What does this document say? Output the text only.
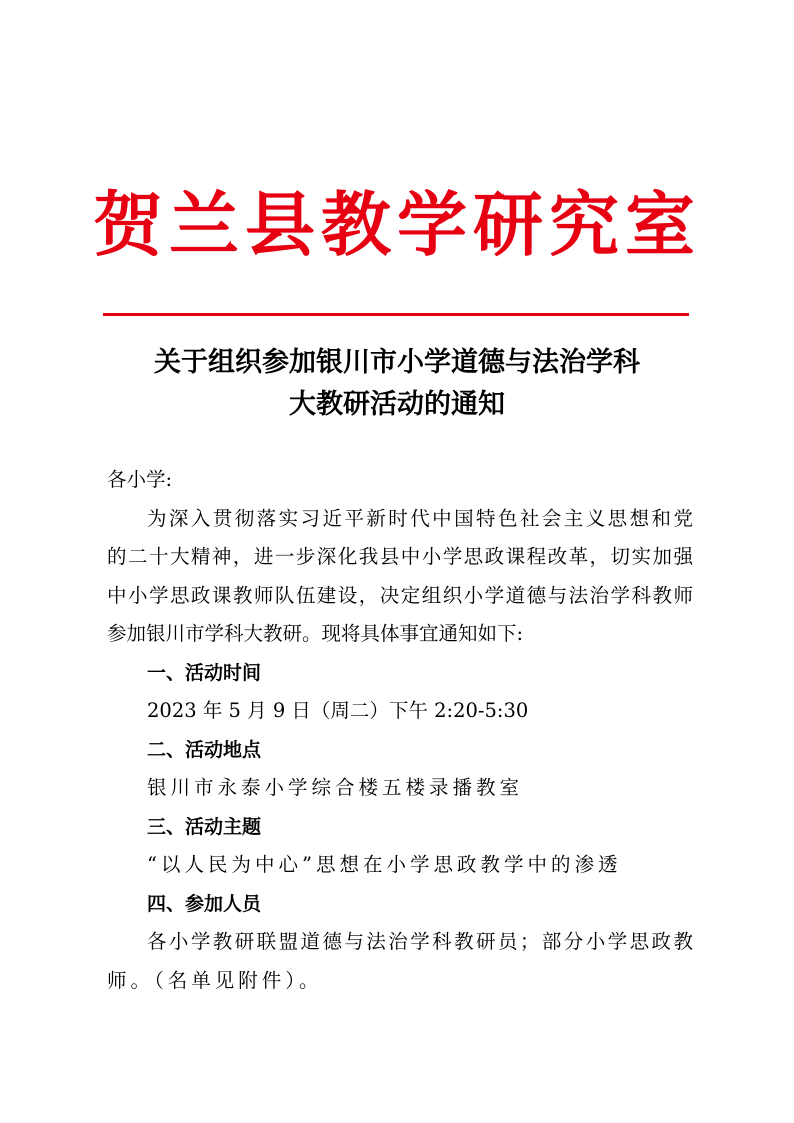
贺兰县教学研究室
关于组织参加银川市小学道德与法治学科
大教研活动的通知
各小学:
为深入贯彻落实习近平新时代中国特色社会主义思想和党
的二十大精神，进一步深化我县中小学思政课程改革，切实加强
中小学思政课教师队伍建设，决定组织小学道德与法治学科教师
参加银川市学科大教研。现将具体事宜通知如下:
一、活动时间
2023 年 5 月 9 日（周二）下午 2:20-5:30
二、活动地点
银川市永泰小学综合楼五楼录播教室
三、活动主题
“以人民为中心”思想在小学思政教学中的渗透
四、参加人员
各小学教研联盟道德与法治学科教研员；部分小学思政教
师。（名单见附件）。
